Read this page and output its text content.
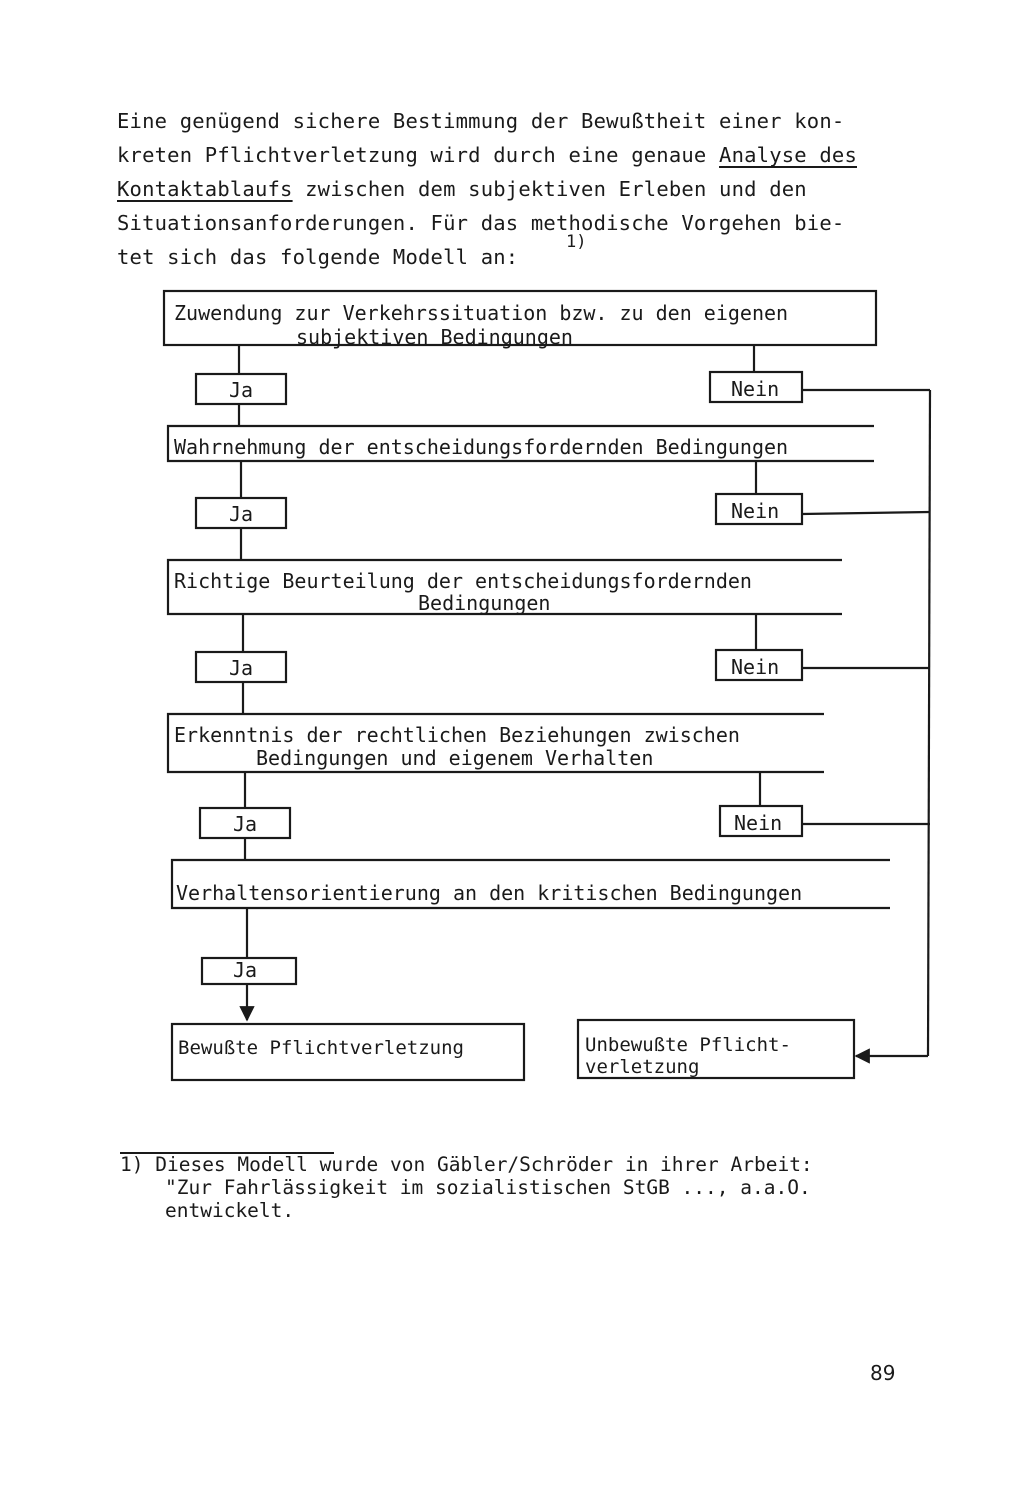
Eine genügend sichere Bestimmung der Bewußtheit einer kon-
kreten Pflichtverletzung wird durch eine genaue Analyse des
Kontaktablaufs zwischen dem subjektiven Erleben und den
Situationsanforderungen. Für das methodische Vorgehen bie-
tet sich das folgende Modell an:
1)
Zuwendung zur Verkehrssituation bzw. zu den eigenen
subjektiven Bedingungen
Wahrnehmung der entscheidungsfordernden Bedingungen
Richtige Beurteilung der entscheidungsfordernden
Bedingungen
Erkenntnis der rechtlichen Beziehungen zwischen
Bedingungen und eigenem Verhalten
Verhaltensorientierung an den kritischen Bedingungen
Ja
Ja
Ja
Ja
Ja
Nein
Nein
Nein
Nein
Bewußte Pflichtverletzung	Unbewußte Pflicht-
verletzung
1) Dieses Modell wurde von Gäbler/Schröder in ihrer Arbeit:
"Zur Fahrlässigkeit im sozialistischen StGB ..., a.a.O.
entwickelt.
89
